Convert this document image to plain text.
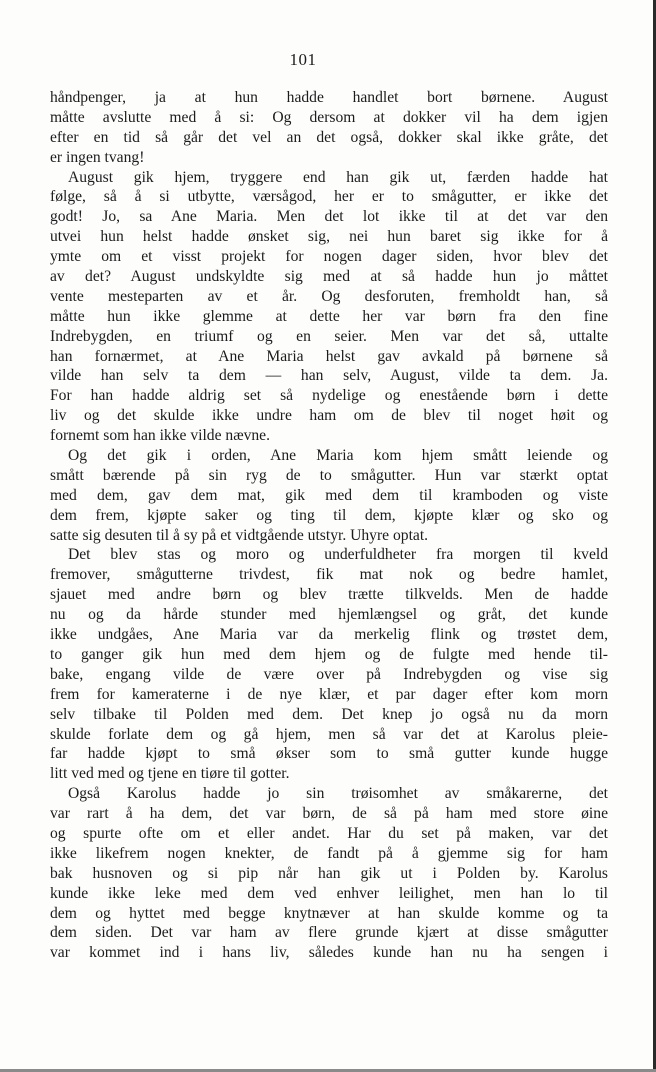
101
håndpenger, ja at hun hadde handlet bort børnene. August
måtte avslutte med å si: Og dersom at dokker vil ha dem igjen
efter en tid så går det vel an det også, dokker skal ikke gråte, det
er ingen tvang!
August gik hjem, tryggere end han gik ut, færden hadde hat
følge, så å si utbytte, værsågod, her er to smågutter, er ikke det
godt! Jo, sa Ane Maria. Men det lot ikke til at det var den
utvei hun helst hadde ønsket sig, nei hun baret sig ikke for å
ymte om et visst projekt for nogen dager siden, hvor blev det
av det? August undskyldte sig med at så hadde hun jo måttet
vente mesteparten av et år. Og desforuten, fremholdt han, så
måtte hun ikke glemme at dette her var børn fra den fine
Indrebygden, en triumf og en seier. Men var det så, uttalte
han fornærmet, at Ane Maria helst gav avkald på børnene så
vilde han selv ta dem — han selv, August, vilde ta dem. Ja.
For han hadde aldrig set så nydelige og enestående børn i dette
liv og det skulde ikke undre ham om de blev til noget høit og
fornemt som han ikke vilde nævne.
Og det gik i orden, Ane Maria kom hjem smått leiende og
smått bærende på sin ryg de to smågutter. Hun var stærkt optat
med dem, gav dem mat, gik med dem til kramboden og viste
dem frem, kjøpte saker og ting til dem, kjøpte klær og sko og
satte sig desuten til å sy på et vidtgående utstyr. Uhyre optat.
Det blev stas og moro og underfuldheter fra morgen til kveld
fremover, smågutterne trivdest, fik mat nok og bedre hamlet,
sjauet med andre børn og blev trætte tilkvelds. Men de hadde
nu og da hårde stunder med hjemlængsel og gråt, det kunde
ikke undgåes, Ane Maria var da merkelig flink og trøstet dem,
to ganger gik hun med dem hjem og de fulgte med hende til-
bake, engang vilde de være over på Indrebygden og vise sig
frem for kameraterne i de nye klær, et par dager efter kom morn
selv tilbake til Polden med dem. Det knep jo også nu da morn
skulde forlate dem og gå hjem, men så var det at Karolus pleie-
far hadde kjøpt to små økser som to små gutter kunde hugge
litt ved med og tjene en tiøre til gotter.
Også Karolus hadde jo sin trøisomhet av småkarerne, det
var rart å ha dem, det var børn, de så på ham med store øine
og spurte ofte om et eller andet. Har du set på maken, var det
ikke likefrem nogen knekter, de fandt på å gjemme sig for ham
bak husnoven og si pip når han gik ut i Polden by. Karolus
kunde ikke leke med dem ved enhver leilighet, men han lo til
dem og hyttet med begge knytnæver at han skulde komme og ta
dem siden. Det var ham av flere grunde kjært at disse smågutter
var kommet ind i hans liv, således kunde han nu ha sengen i
